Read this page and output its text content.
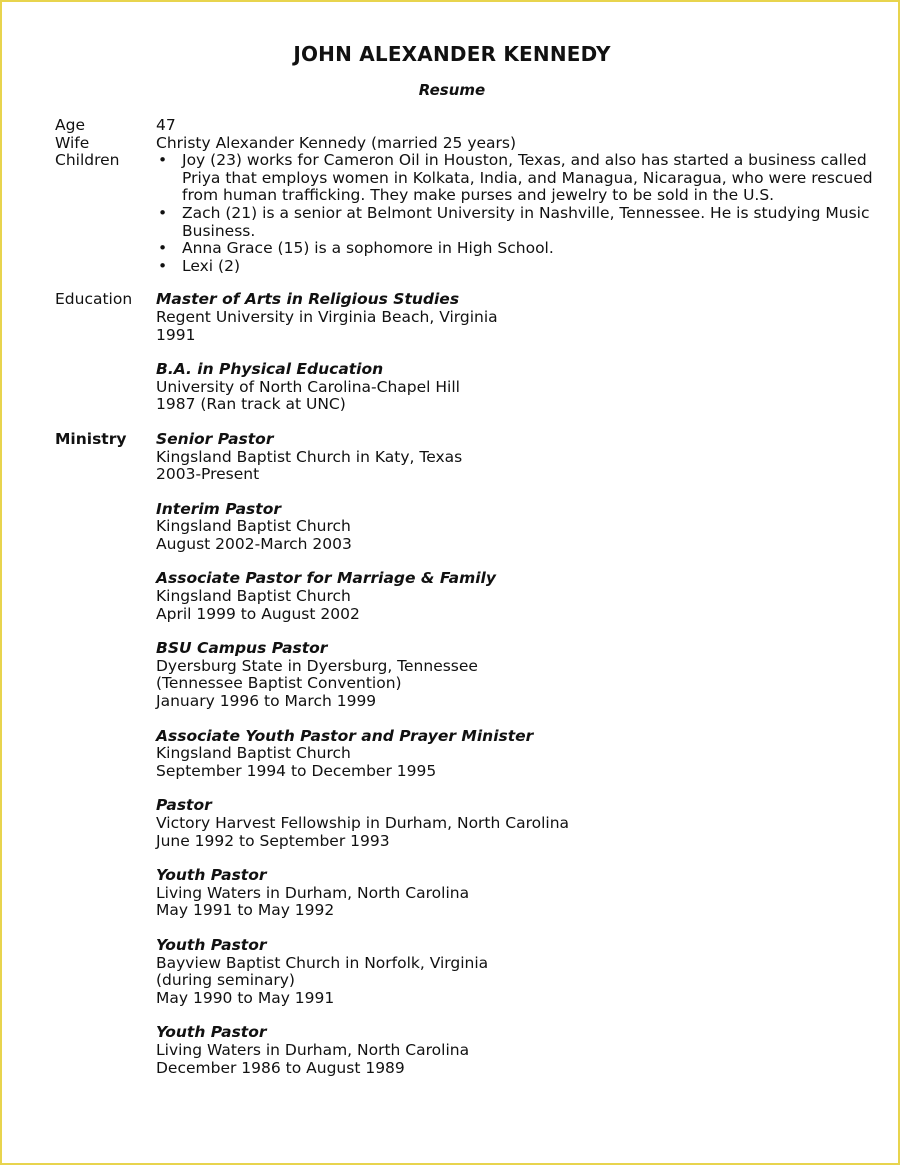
JOHN ALEXANDER KENNEDY
Resume
Age	47
Wife	Christy Alexander Kennedy (married 25 years)
Children
•	Joy (23) works for Cameron Oil in Houston, Texas, and also has started a business called Priya that employs women in Kolkata, India, and Managua, Nicaragua, who were rescued from human trafficking. They make purses and jewelry to be sold in the U.S.
• Zach (21) is a senior at Belmont University in Nashville, Tennessee. He is studying Music Business.
• Anna Grace (15) is a sophomore in High School.
• Lexi (2)
Education	Master of Arts in Religious Studies
Regent University in Virginia Beach, Virginia
1991
B.A. in Physical Education
University of North Carolina-Chapel Hill
1987 (Ran track at UNC)
Ministry	Senior Pastor
Kingsland Baptist Church in Katy, Texas
2003-Present
Interim Pastor
Kingsland Baptist Church
August 2002-March 2003
Associate Pastor for Marriage & Family
Kingsland Baptist Church
April 1999 to August 2002
BSU Campus Pastor
Dyersburg State in Dyersburg, Tennessee
(Tennessee Baptist Convention)
January 1996 to March 1999
Associate Youth Pastor and Prayer Minister
Kingsland Baptist Church
September 1994 to December 1995
Pastor
Victory Harvest Fellowship in Durham, North Carolina
June 1992 to September 1993
Youth Pastor
Living Waters in Durham, North Carolina
May 1991 to May 1992
Youth Pastor
Bayview Baptist Church in Norfolk, Virginia
(during seminary)
May 1990 to May 1991
Youth Pastor
Living Waters in Durham, North Carolina
December 1986 to August 1989
